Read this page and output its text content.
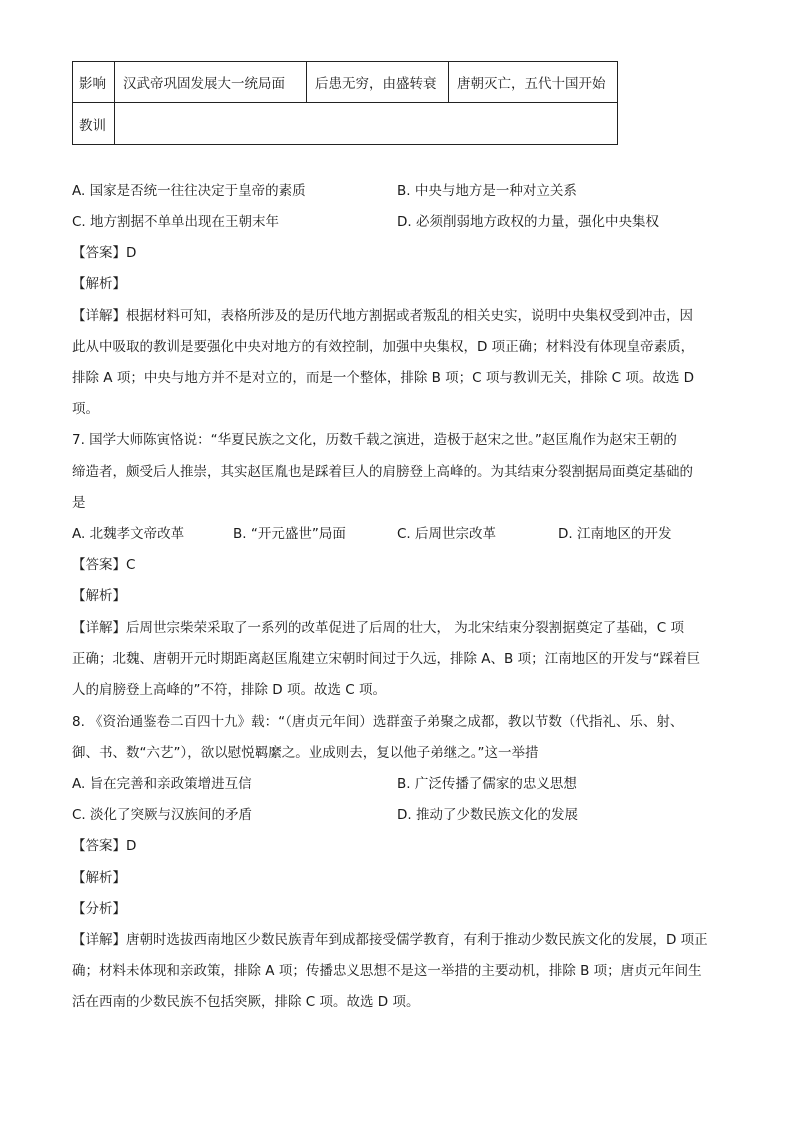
影响	汉武帝巩固发展大一统局面	后患无穷，由盛转衰	唐朝灭亡，五代十国开始
教训			
A. 国家是否统一往往决定于皇帝的素质	B. 中央与地方是一种对立关系
C. 地方割据不单单出现在王朝末年	D. 必须削弱地方政权的力量，强化中央集权
【答案】D
【解析】
【详解】根据材料可知，表格所涉及的是历代地方割据或者叛乱的相关史实，说明中央集权受到冲击，因
此从中吸取的教训是要强化中央对地方的有效控制，加强中央集权，D 项正确；材料没有体现皇帝素质，
排除 A 项；中央与地方并不是对立的，而是一个整体，排除 B 项；C 项与教训无关，排除 C 项。故选 D
项。
7. 国学大师陈寅恪说：“华夏民族之文化，历数千载之演进，造极于赵宋之世。”赵匡胤作为赵宋王朝的
缔造者，颇受后人推崇，其实赵匡胤也是踩着巨人的肩膀登上高峰的。为其结束分裂割据局面奠定基础的
是
A. 北魏孝文帝改革	B. “开元盛世”局面	C. 后周世宗改革	D. 江南地区的开发
【答案】C
【解析】
【详解】后周世宗柴荣采取了一系列的改革促进了后周的壮大， 为北宋结束分裂割据奠定了基础，C 项
正确；北魏、唐朝开元时期距离赵匡胤建立宋朝时间过于久远，排除 A、B 项；江南地区的开发与“踩着巨
人的肩膀登上高峰的”不符，排除 D 项。故选 C 项。
8. 《资治通鉴卷二百四十九》载：“（唐贞元年间）选群蛮子弟聚之成都，教以节数（代指礼、乐、射、
御、书、数“六艺”），欲以慰悦羁縻之。业成则去，复以他子弟继之。”这一举措
A. 旨在完善和亲政策增进互信	B. 广泛传播了儒家的忠义思想
C. 淡化了突厥与汉族间的矛盾	D. 推动了少数民族文化的发展
【答案】D
【解析】
【分析】
【详解】唐朝时选拔西南地区少数民族青年到成都接受儒学教育，有利于推动少数民族文化的发展，D 项正
确；材料未体现和亲政策，排除 A 项；传播忠义思想不是这一举措的主要动机，排除 B 项；唐贞元年间生
活在西南的少数民族不包括突厥，排除 C 项。故选 D 项。
